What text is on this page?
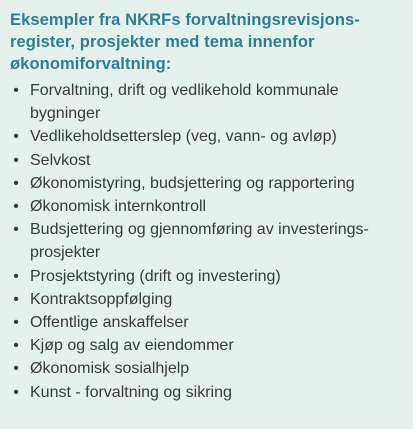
Eksempler fra NKRFs forvaltningsrevisjons-
register, prosjekter med tema innenfor
økonomiforvaltning:
• Forvaltning, drift og vedlikehold kommunale
bygninger
• Vedlikeholdsetterslep (veg, vann- og avløp)
• Selvkost
• Økonomistyring, budsjettering og rapportering
• Økonomisk internkontroll
• Budsjettering og gjennomføring av investerings-
prosjekter
• Prosjektstyring (drift og investering)
• Kontraktsoppfølging
• Offentlige anskaffelser
• Kjøp og salg av eiendommer
• Økonomisk sosialhjelp
• Kunst - forvaltning og sikring
